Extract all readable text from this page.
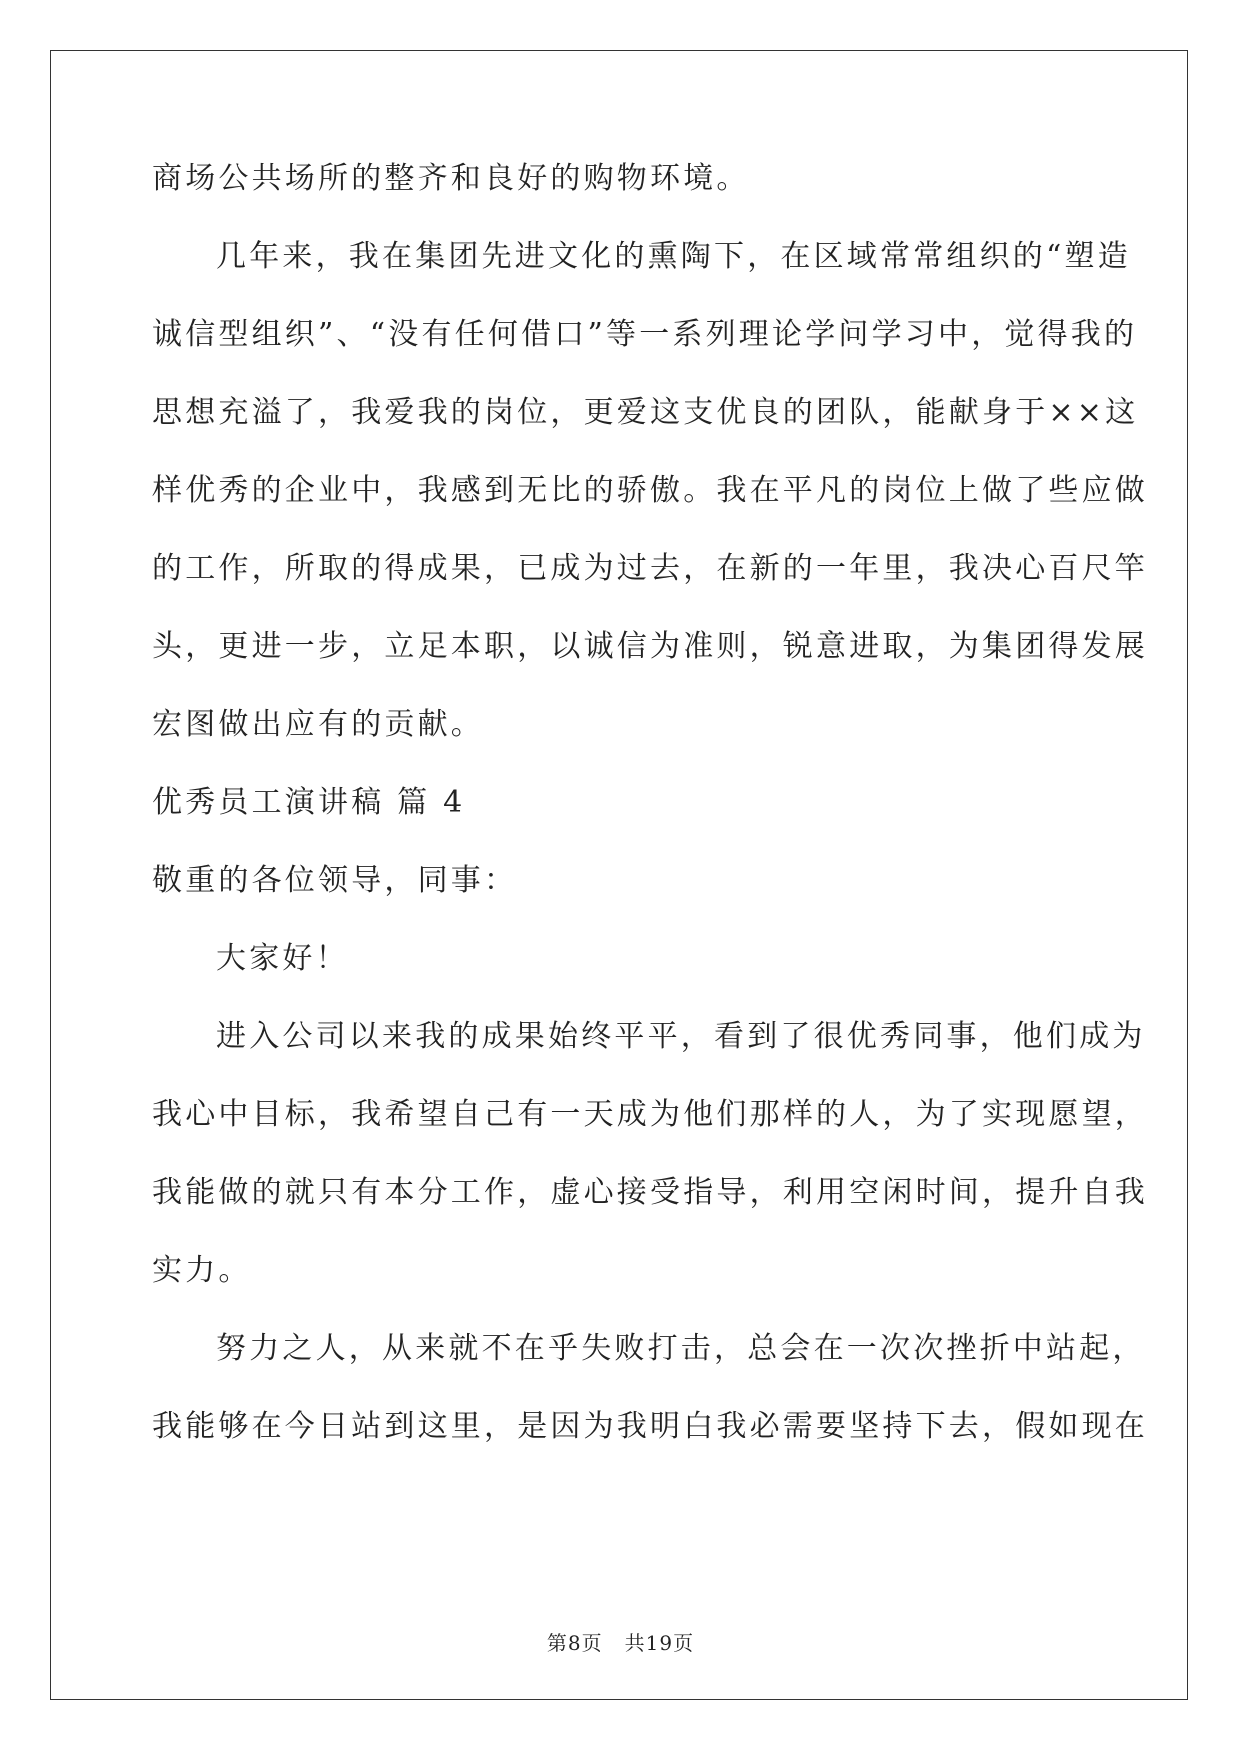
商场公共场所的整齐和良好的购物环境。
几年来，我在集团先进文化的熏陶下，在区域常常组织的“塑造
诚信型组织”、“没有任何借口”等一系列理论学问学习中，觉得我的
思想充溢了，我爱我的岗位，更爱这支优良的团队，能献身于××这
样优秀的企业中，我感到无比的骄傲。我在平凡的岗位上做了些应做
的工作，所取的得成果，已成为过去，在新的一年里，我决心百尺竿
头，更进一步，立足本职，以诚信为准则，锐意进取，为集团得发展
宏图做出应有的贡献。
优秀员工演讲稿 篇 4
敬重的各位领导，同事：
大家好！
进入公司以来我的成果始终平平，看到了很优秀同事，他们成为
我心中目标，我希望自己有一天成为他们那样的人，为了实现愿望，
我能做的就只有本分工作，虚心接受指导，利用空闲时间，提升自我
实力。
努力之人，从来就不在乎失败打击，总会在一次次挫折中站起，
我能够在今日站到这里，是因为我明白我必需要坚持下去，假如现在
第8页 共19页
